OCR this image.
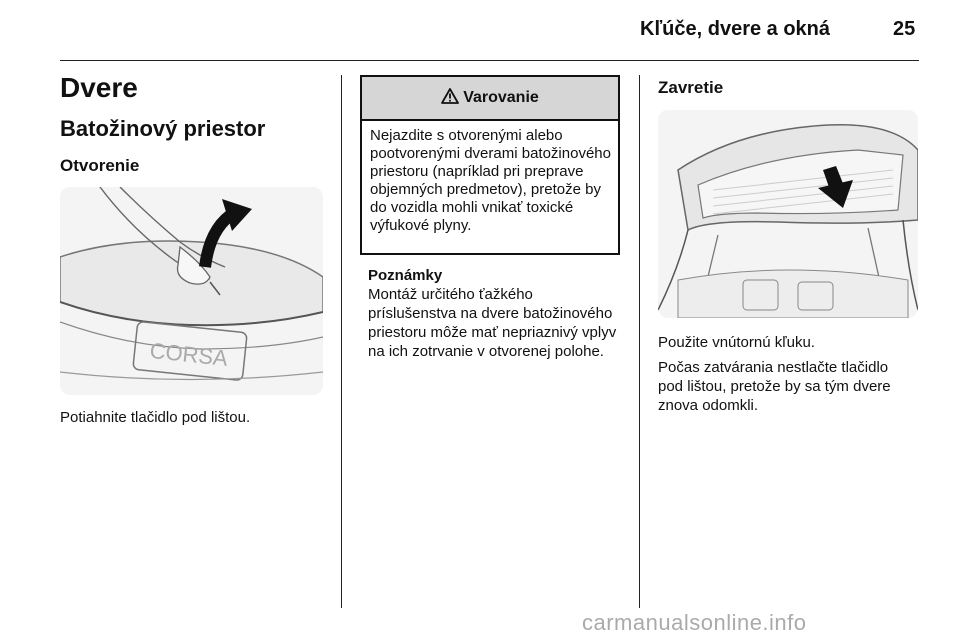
Kľúče, dvere a okná	25
Dvere
Batožinový priestor
Otvorenie
CORSA
Potiahnite tlačidlo pod lištou.
Varovanie
Nejazdite s otvorenými alebo pootvorenými dverami batožinového priestoru (napríklad pri preprave objemných predmetov), pretože by do vozidla mohli vnikať toxické výfukové plyny.
Poznámky
Montáž určitého ťažkého príslušenstva na dvere batožinového priestoru môže mať nepriaznivý vplyv na ich zotrvanie v otvorenej polohe.
Zavretie

Použite vnútornú kľuku.

Počas zatvárania nestlačte tlačidlo pod lištou, pretože by sa tým dvere znova odomkli.

carmanualsonline.info
